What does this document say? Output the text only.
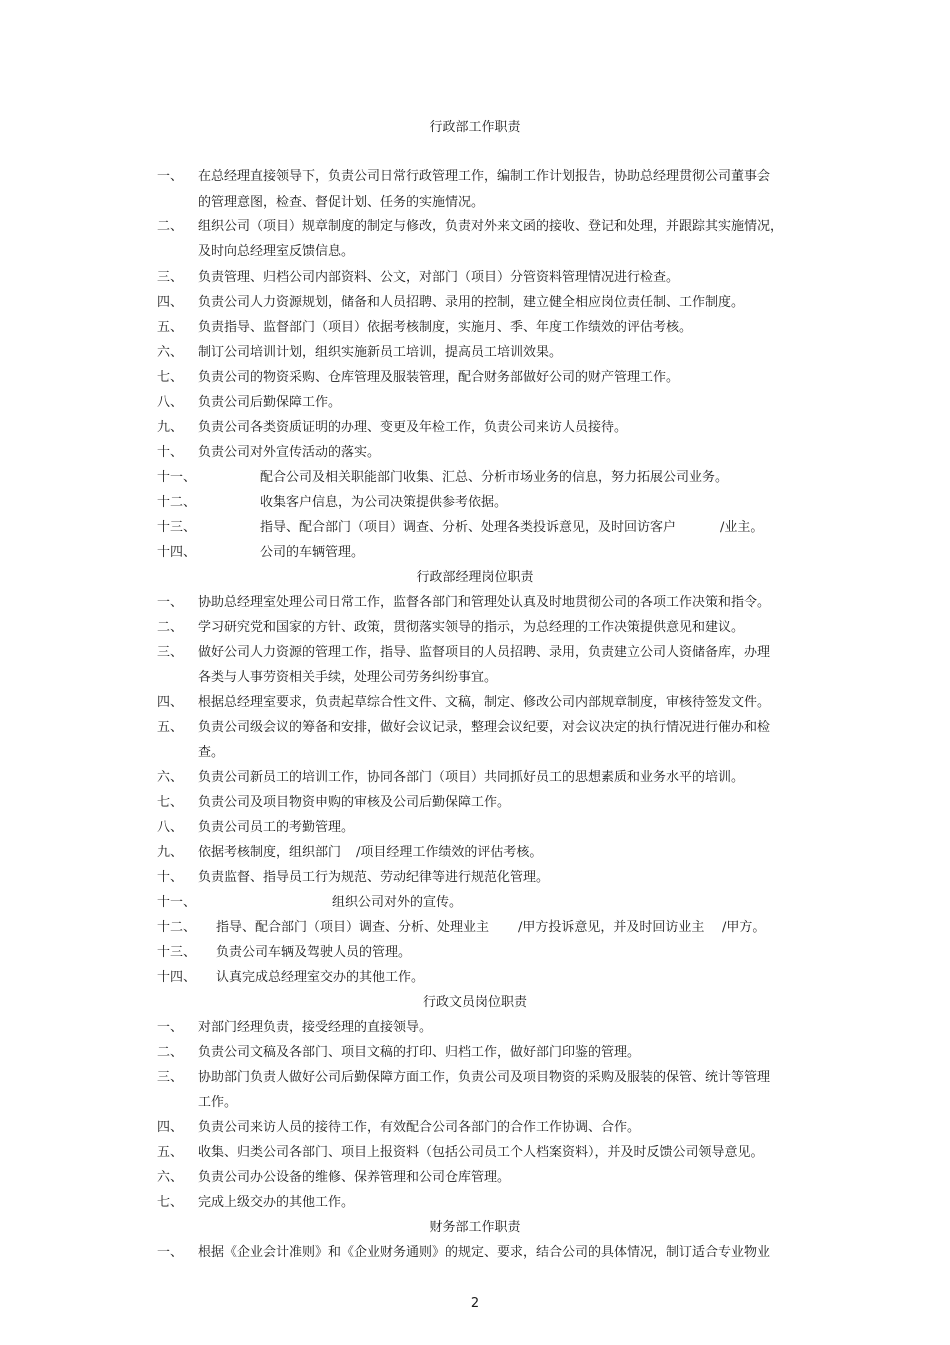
行政部工作职责
一、 在总经理直接领导下，负责公司日常行政管理工作，编制工作计划报告，协助总经理贯彻公司董事会
的管理意图，检查、督促计划、任务的实施情况。
二、 组织公司（项目）规章制度的制定与修改，负责对外来文函的接收、登记和处理，并跟踪其实施情况，
及时向总经理室反馈信息。
三、 负责管理、归档公司内部资料、公文，对部门（项目）分管资料管理情况进行检查。
四、 负责公司人力资源规划，储备和人员招聘、录用的控制，建立健全相应岗位责任制、工作制度。
五、 负责指导、监督部门（项目）依据考核制度，实施月、季、年度工作绩效的评估考核。
六、 制订公司培训计划，组织实施新员工培训，提高员工培训效果。
七、 负责公司的物资采购、仓库管理及服装管理，配合财务部做好公司的财产管理工作。
八、 负责公司后勤保障工作。
九、 负责公司各类资质证明的办理、变更及年检工作，负责公司来访人员接待。
十、 负责公司对外宣传活动的落实。
十一、	配合公司及相关职能部门收集、汇总、分析市场业务的信息，努力拓展公司业务。
十二、	收集客户信息，为公司决策提供参考依据。
十三、	指导、配合部门（项目）调查、分析、处理各类投诉意见，及时回访客户	/业主。
十四、	公司的车辆管理。
行政部经理岗位职责
一、 协助总经理室处理公司日常工作，监督各部门和管理处认真及时地贯彻公司的各项工作决策和指令。
二、 学习研究党和国家的方针、政策，贯彻落实领导的指示，为总经理的工作决策提供意见和建议。
三、 做好公司人力资源的管理工作，指导、监督项目的人员招聘、录用，负责建立公司人资储备库，办理
各类与人事劳资相关手续，处理公司劳务纠纷事宜。
四、 根据总经理室要求，负责起草综合性文件、文稿，制定、修改公司内部规章制度，审核待签发文件。
五、 负责公司级会议的筹备和安排，做好会议记录，整理会议纪要，对会议决定的执行情况进行催办和检
查。
六、 负责公司新员工的培训工作，协同各部门（项目）共同抓好员工的思想素质和业务水平的培训。
七、 负责公司及项目物资申购的审核及公司后勤保障工作。
八、 负责公司员工的考勤管理。
九、 依据考核制度，组织部门 /项目经理工作绩效的评估考核。
十、 负责监督、指导员工行为规范、劳动纪律等进行规范化管理。
十一、	组织公司对外的宣传。
十二、 指导、配合部门（项目）调查、分析、处理业主 /甲方投诉意见，并及时回访业主 /甲方。
十三、 负责公司车辆及驾驶人员的管理。
十四、 认真完成总经理室交办的其他工作。
行政文员岗位职责
一、 对部门经理负责，接受经理的直接领导。
二、 负责公司文稿及各部门、项目文稿的打印、归档工作，做好部门印鉴的管理。
三、 协助部门负责人做好公司后勤保障方面工作，负责公司及项目物资的采购及服装的保管、统计等管理
工作。
四、 负责公司来访人员的接待工作，有效配合公司各部门的合作工作协调、合作。
五、 收集、归类公司各部门、项目上报资料（包括公司员工个人档案资料），并及时反馈公司领导意见。
六、 负责公司办公设备的维修、保养管理和公司仓库管理。
七、 完成上级交办的其他工作。
财务部工作职责
一、 根据《企业会计准则》和《企业财务通则》的规定、要求，结合公司的具体情况，制订适合专业物业
2
